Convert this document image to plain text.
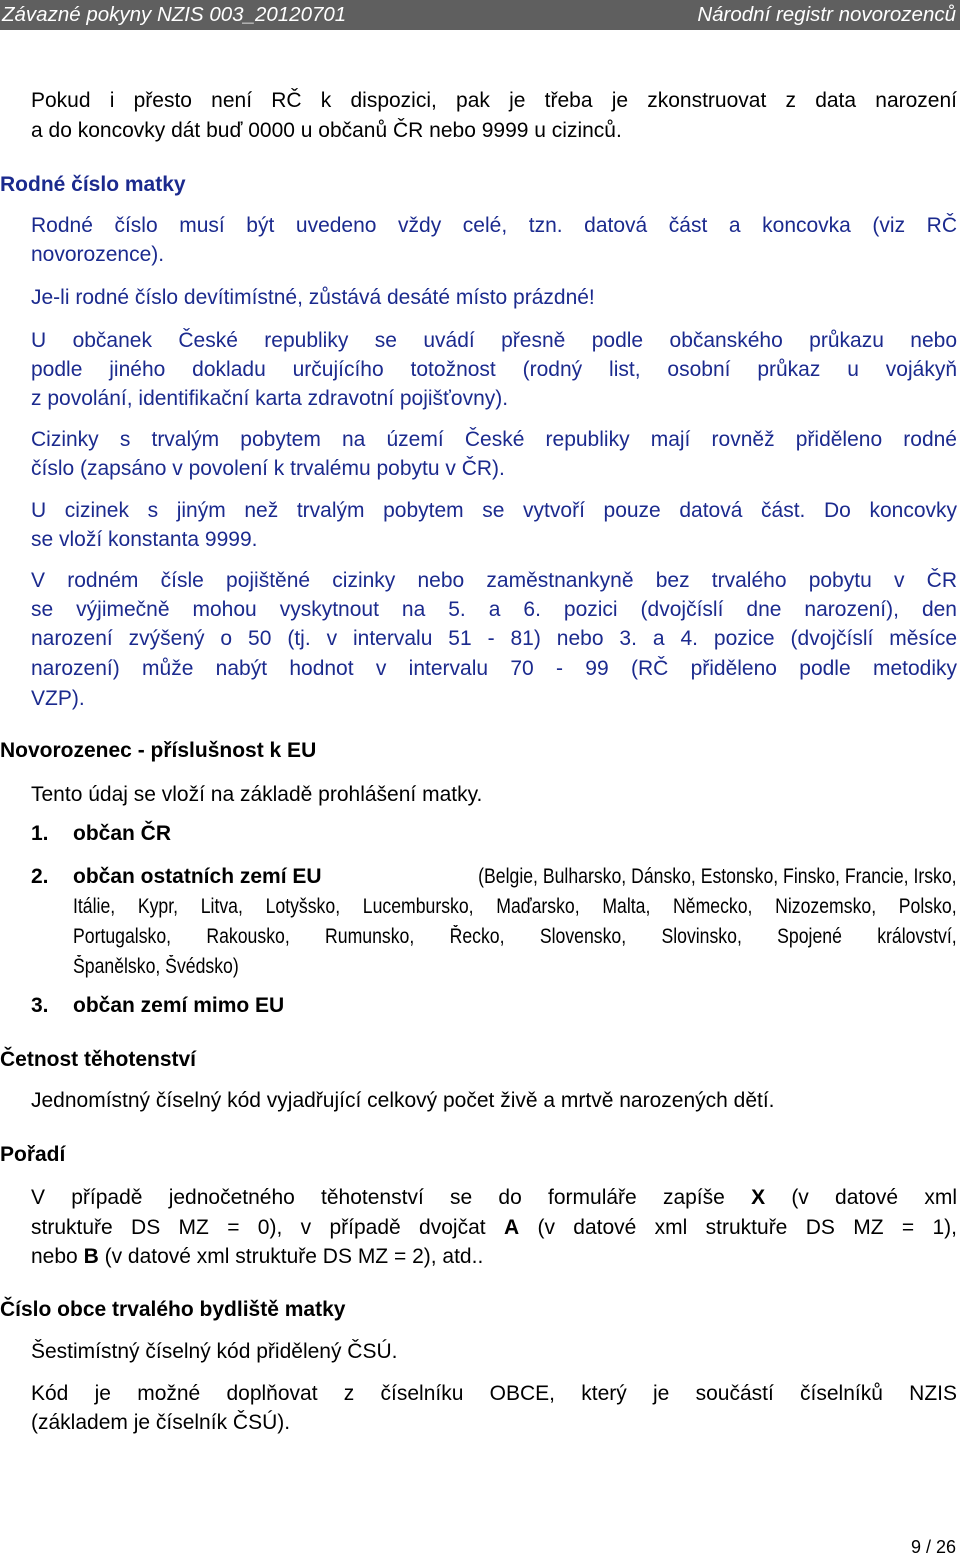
Závazné pokyny NZIS 003_20120701	Národní registr novorozenců

Pokud i přesto není RČ k dispozici, pak je třeba je zkonstruovat z data narození

a do koncovky dát buď 0000 u občanů ČR nebo 9999 u cizinců.

Rodné číslo matky

Rodné číslo musí být uvedeno vždy celé, tzn. datová část a koncovka (viz RČ

novorozence).

Je-li rodné číslo devítimístné, zůstává desáté místo prázdné!

U občanek České republiky se uvádí přesně podle občanského průkazu nebo

podle jiného dokladu určujícího totožnost (rodný list, osobní průkaz u vojákyň

z povolání, identifikační karta zdravotní pojišťovny).

Cizinky s trvalým pobytem na území České republiky mají rovněž přiděleno rodné

číslo (zapsáno v povolení k trvalému pobytu v ČR).

U cizinek s jiným než trvalým pobytem se vytvoří pouze datová část. Do koncovky

se vloží konstanta 9999.

V rodném čísle pojištěné cizinky nebo zaměstnankyně bez trvalého pobytu v ČR

se výjimečně mohou vyskytnout na 5. a 6. pozici (dvojčíslí dne narození), den

narození zvýšený o 50 (tj. v intervalu 51 - 81) nebo 3. a 4. pozice (dvojčíslí měsíce

narození) může nabýt hodnot v intervalu 70 - 99 (RČ přiděleno podle metodiky

VZP).

Novorozenec - příslušnost k EU

Tento údaj se vloží na základě prohlášení matky.

1. občan ČR
2. občan ostatních zemí EU	(Belgie, Bulharsko, Dánsko, Estonsko, Finsko, Francie, Irsko,
Itálie, Kypr, Litva, Lotyšsko, Lucembursko, Maďarsko, Malta, Německo, Nizozemsko, Polsko,
Portugalsko, Rakousko, Rumunsko, Řecko, Slovensko, Slovinsko, Spojené království,
Španělsko, Švédsko)
3. občan zemí mimo EU
Četnost těhotenství

Jednomístný číselný kód vyjadřující celkový počet živě a mrtvě narozených dětí.

Pořadí

V případě jednočetného těhotenství se do formuláře zapíše X (v datové xml

struktuře DS MZ = 0), v případě dvojčat A (v datové xml struktuře DS MZ = 1),

nebo B (v datové xml struktuře DS MZ = 2), atd..

Číslo obce trvalého bydliště matky

Šestimístný číselný kód přidělený ČSÚ.

Kód je možné doplňovat z číselníku OBCE, který je součástí číselníků NZIS

(základem je číselník ČSÚ).

9 / 26
